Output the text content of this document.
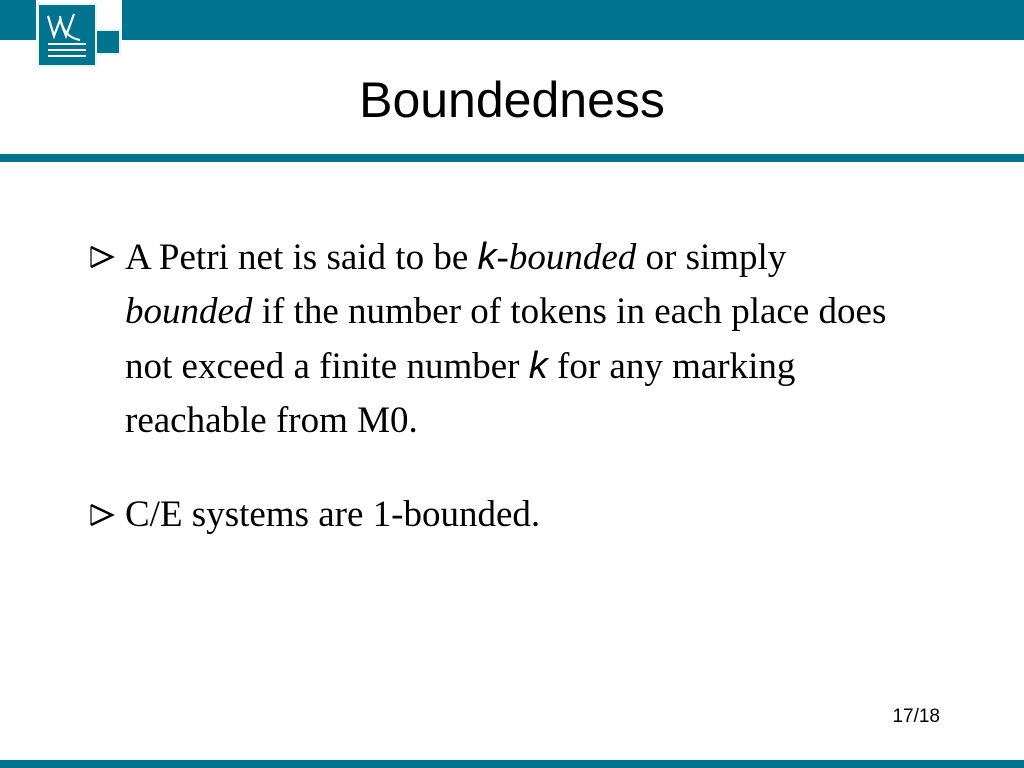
Boundedness
A Petri net is said to be k-bounded or simply bounded if the number of tokens in each place does not exceed a finite number k for any marking reachable from M0.
C/E systems are 1-bounded.
17/18
